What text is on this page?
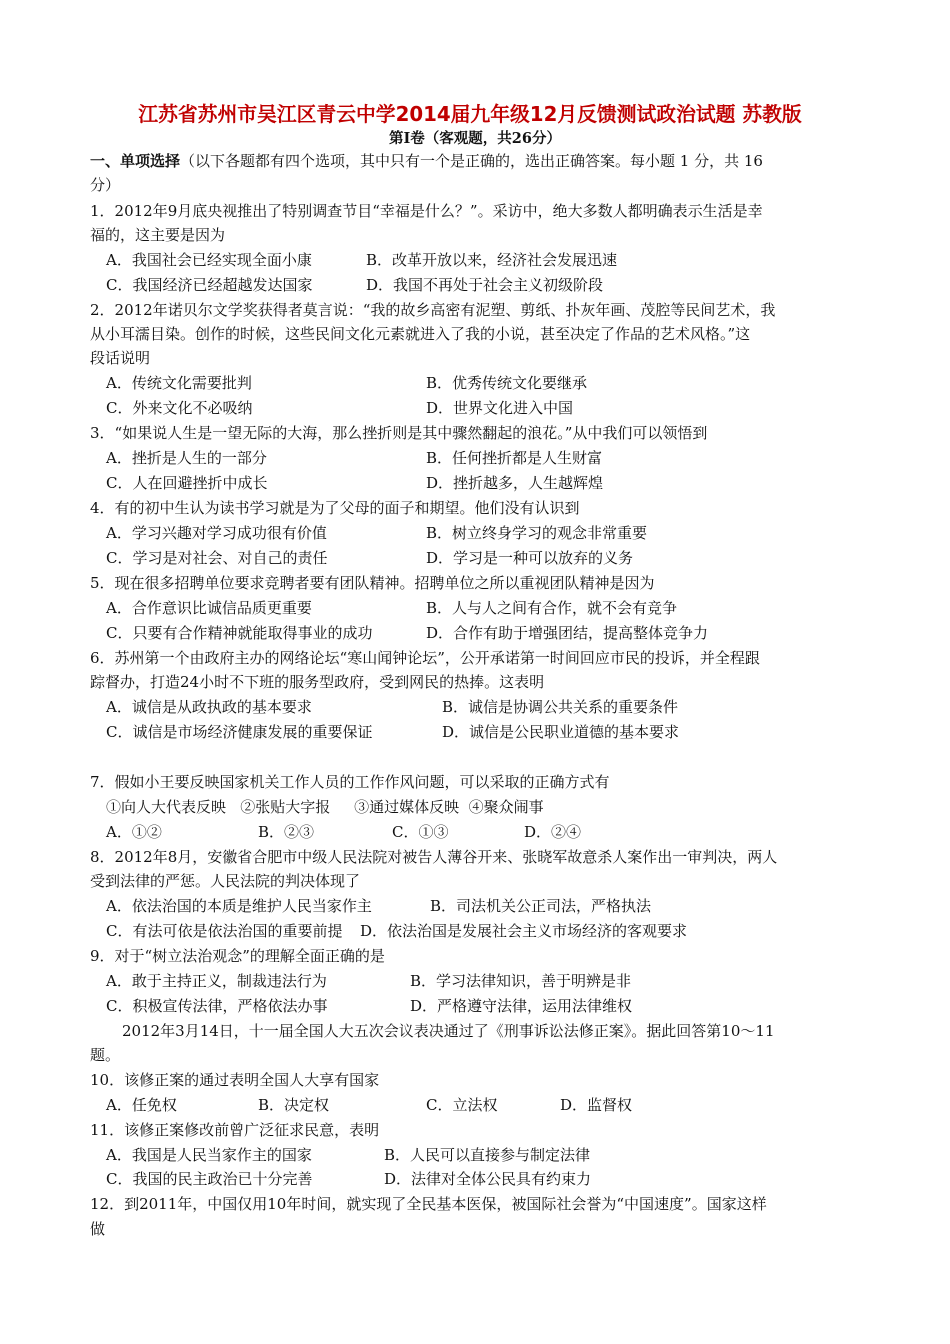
江苏省苏州市吴江区青云中学2014届九年级12月反馈测试政治试题 苏教版
第Ⅰ卷（客观题，共26分）
一、单项选择（以下各题都有四个选项，其中只有一个是正确的，选出正确答案。每小题 1 分，共 16
分）
1．2012年9月底央视推出了特别调查节目“幸福是什么？”。采访中，绝大多数人都明确表示生活是幸
福的，这主要是因为
A．我国社会已经实现全面小康	B．改革开放以来，经济社会发展迅速
C．我国经济已经超越发达国家	D．我国不再处于社会主义初级阶段
2．2012年诺贝尔文学奖获得者莫言说：“我的故乡高密有泥塑、剪纸、扑灰年画、茂腔等民间艺术，我
从小耳濡目染。创作的时候，这些民间文化元素就进入了我的小说，甚至决定了作品的艺术风格。”这
段话说明
A．传统文化需要批判	B．优秀传统文化要继承
C．外来文化不必吸纳	D．世界文化进入中国
3．“如果说人生是一望无际的大海，那么挫折则是其中骤然翻起的浪花。”从中我们可以领悟到
A．挫折是人生的一部分	B．任何挫折都是人生财富
C．人在回避挫折中成长	D．挫折越多，人生越辉煌
4．有的初中生认为读书学习就是为了父母的面子和期望。他们没有认识到
A．学习兴趣对学习成功很有价值	B．树立终身学习的观念非常重要
C．学习是对社会、对自己的责任	D．学习是一种可以放弃的义务
5．现在很多招聘单位要求竞聘者要有团队精神。招聘单位之所以重视团队精神是因为
A．合作意识比诚信品质更重要	B．人与人之间有合作，就不会有竞争
C．只要有合作精神就能取得事业的成功	D．合作有助于增强团结，提高整体竞争力
6．苏州第一个由政府主办的网络论坛“寒山闻钟论坛”，公开承诺第一时间回应市民的投诉，并全程跟
踪督办，打造24小时不下班的服务型政府，受到网民的热捧。这表明
A．诚信是从政执政的基本要求	B．诚信是协调公共关系的重要条件
C．诚信是市场经济健康发展的重要保证	D．诚信是公民职业道德的基本要求
7．假如小王要反映国家机关工作人员的工作作风问题，可以采取的正确方式有
①向人大代表反映   ②张贴大字报     ③通过媒体反映  ④聚众闹事
A．①②	B．②③	C．①③	D．②④
8．2012年8月，安徽省合肥市中级人民法院对被告人薄谷开来、张晓军故意杀人案作出一审判决，两人
受到法律的严惩。人民法院的判决体现了
A．依法治国的本质是维护人民当家作主	B．司法机关公正司法，严格执法
C．有法可依是依法治国的重要前提 D．依法治国是发展社会主义市场经济的客观要求
9．对于“树立法治观念”的理解全面正确的是
A．敢于主持正义，制裁违法行为	B．学习法律知识，善于明辨是非
C．积极宣传法律，严格依法办事	D．严格遵守法律，运用法律维权
2012年3月14日，十一届全国人大五次会议表决通过了《刑事诉讼法修正案》。据此回答第10～11
题。
10．该修正案的通过表明全国人大享有国家
A．任免权	B．决定权	C．立法权	D．监督权
11．该修正案修改前曾广泛征求民意，表明
A．我国是人民当家作主的国家	B．人民可以直接参与制定法律
C．我国的民主政治已十分完善	D．法律对全体公民具有约束力
12．到2011年，中国仅用10年时间，就实现了全民基本医保，被国际社会誉为“中国速度”。国家这样
做
